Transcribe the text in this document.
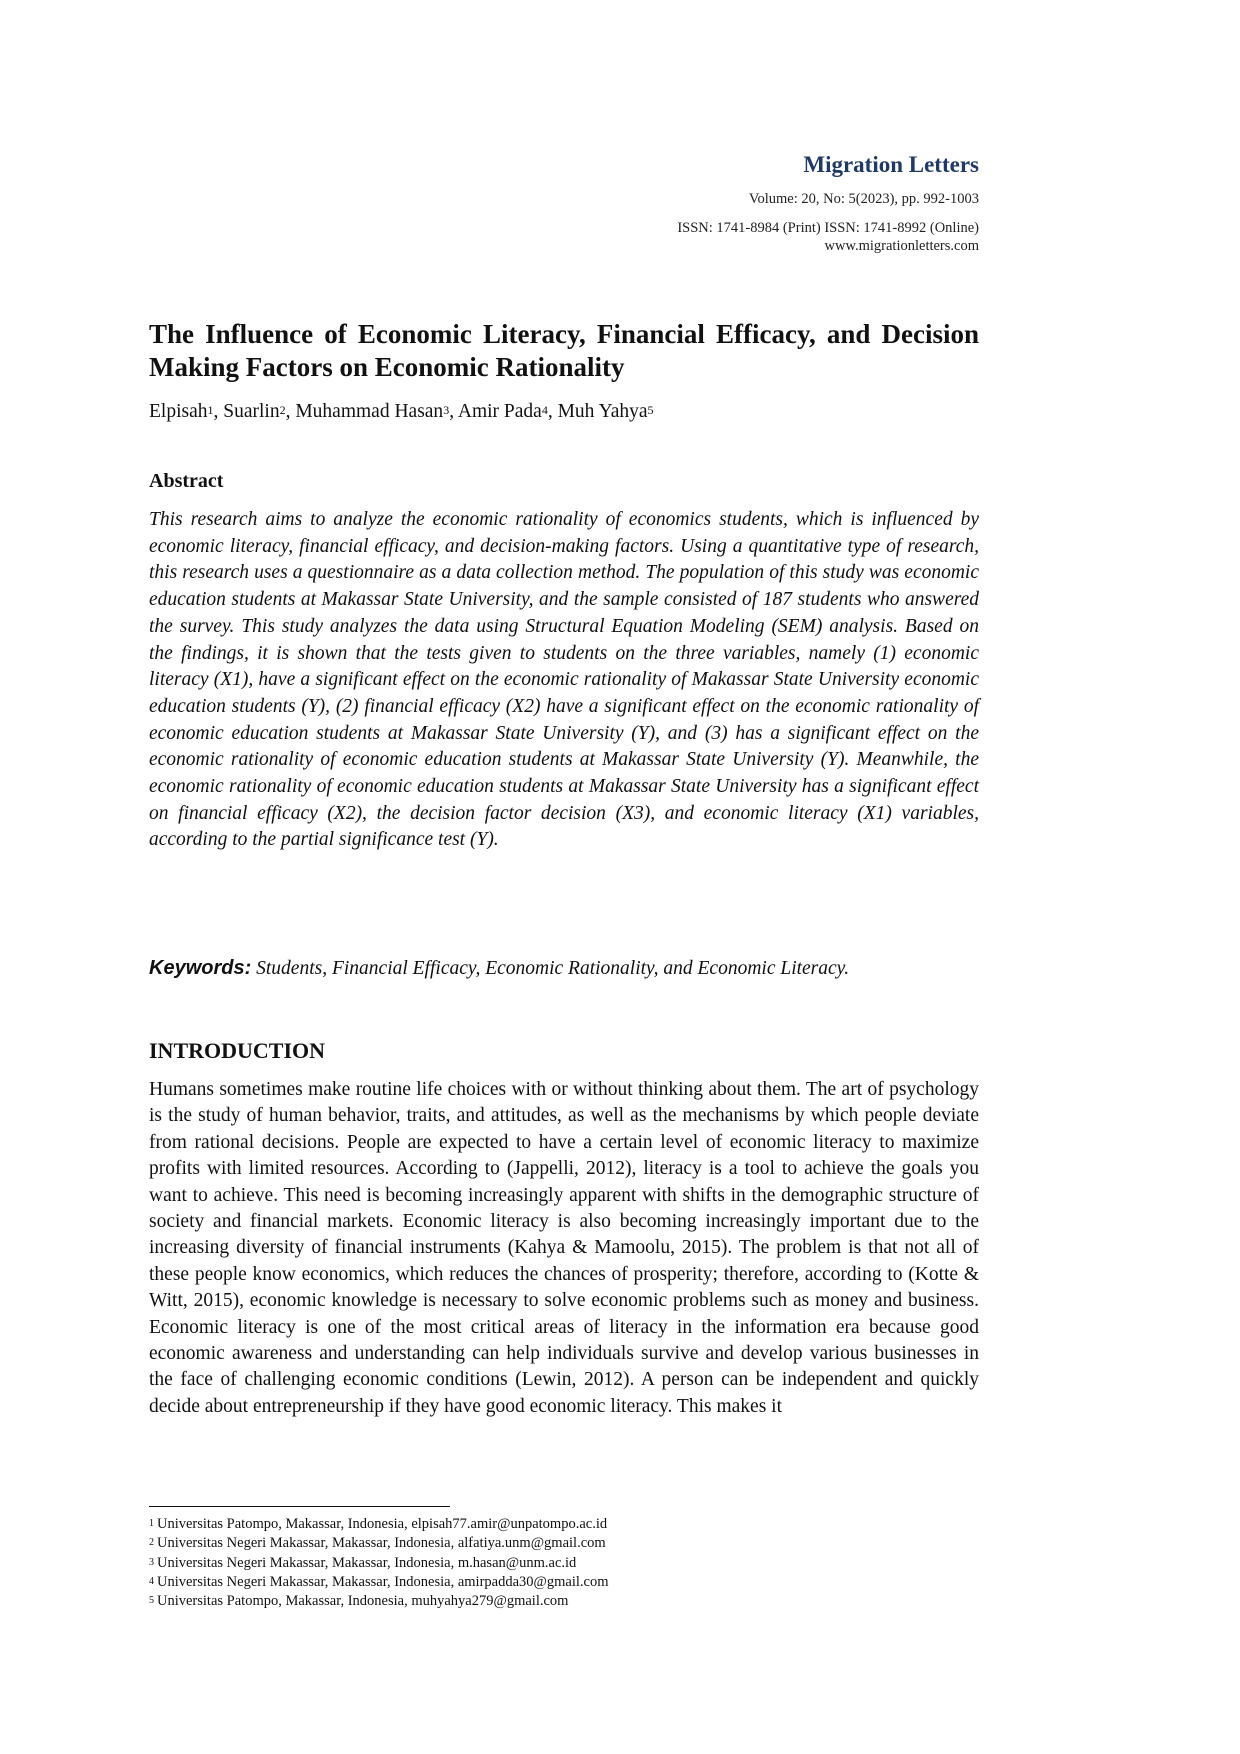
Migration Letters
Volume: 20, No: 5(2023), pp. 992-1003
ISSN: 1741-8984 (Print) ISSN: 1741-8992 (Online)
www.migrationletters.com
The Influence of Economic Literacy, Financial Efficacy, and Decision Making Factors on Economic Rationality
Elpisah$^1$, Suarlin$^2$, Muhammad Hasan$^3$, Amir Pada$^4$, Muh Yahya$^5$
Abstract

This research aims to analyze the economic rationality of economics students, which is influenced by economic literacy, financial efficacy, and decision-making factors. Using a quantitative type of research, this research uses a questionnaire as a data collection method. The population of this study was economic education students at Makassar State University, and the sample consisted of 187 students who answered the survey. This study analyzes the data using Structural Equation Modeling (SEM) analysis. Based on the findings, it is shown that the tests given to students on the three variables, namely (1) economic literacy (X1), have a significant effect on the economic rationality of Makassar State University economic education students (Y), (2) financial efficacy (X2) have a significant effect on the economic rationality of economic education students at Makassar State University (Y), and (3) has a significant effect on the economic rationality of economic education students at Makassar State University (Y). Meanwhile, the economic rationality of economic education students at Makassar State University has a significant effect on financial efficacy (X2), the decision factor decision (X3), and economic literacy (X1) variables, according to the partial significance test (Y).

Keywords: Students, Financial Efficacy, Economic Rationality, and Economic Literacy.

INTRODUCTION

Humans sometimes make routine life choices with or without thinking about them. The art of psychology is the study of human behavior, traits, and attitudes, as well as the mechanisms by which people deviate from rational decisions. People are expected to have a certain level of economic literacy to maximize profits with limited resources. According to (Jappelli, 2012), literacy is a tool to achieve the goals you want to achieve. This need is becoming increasingly apparent with shifts in the demographic structure of society and financial markets. Economic literacy is also becoming increasingly important due to the increasing diversity of financial instruments (Kahya & Mamoolu, 2015). The problem is that not all of these people know economics, which reduces the chances of prosperity; therefore, according to (Kotte & Witt, 2015), economic knowledge is necessary to solve economic problems such as money and business. Economic literacy is one of the most critical areas of literacy in the information era because good economic awareness and understanding can help individuals survive and develop various businesses in the face of challenging economic conditions (Lewin, 2012). A person can be independent and quickly decide about entrepreneurship if they have good economic literacy. This makes it

$^1$ Universitas Patompo, Makassar, Indonesia, elpisah77.amir@unpatompo.ac.id
$^2$ Universitas Negeri Makassar, Makassar, Indonesia, alfatiya.unm@gmail.com
$^3$ Universitas Negeri Makassar, Makassar, Indonesia, m.hasan@unm.ac.id
$^4$ Universitas Negeri Makassar, Makassar, Indonesia, amirpadda30@gmail.com
$^5$ Universitas Patompo, Makassar, Indonesia, muhyahya279@gmail.com
